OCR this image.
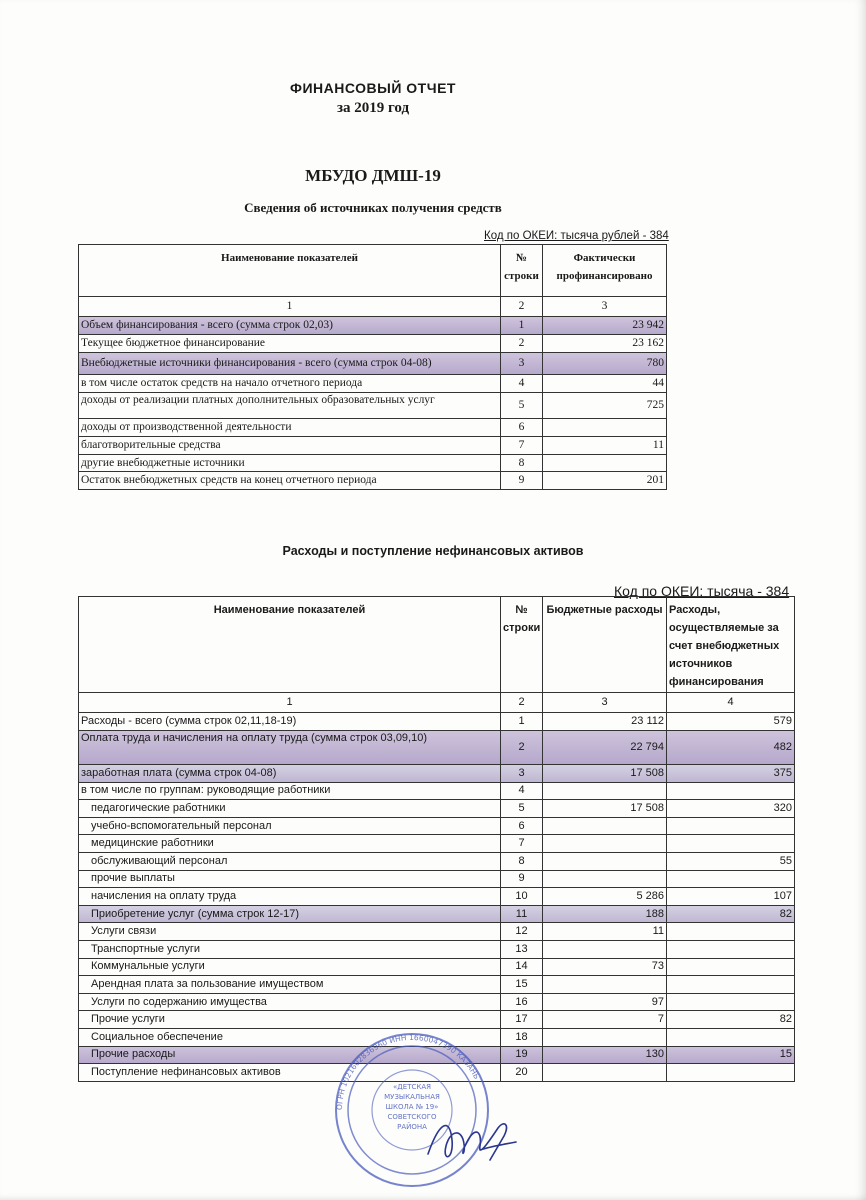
ФИНАНСОВЫЙ ОТЧЕТ
за 2019 год
МБУДО ДМШ-19
Сведения об источниках получения средств
Код по ОКЕИ: тысяча рублей - 384
Наименование показателей	№ строки	Фактически профинансировано
1	2	3
Объем финансирования - всего (сумма строк 02,03)	1	23 942
Текущее бюджетное финансирование	2	23 162
Внебюджетные источники финансирования - всего (сумма строк 04-08)	3	780
в том числе остаток средств на начало отчетного периода	4	44
доходы от реализации платных дополнительных образовательных услуг	5	725
доходы от производственной деятельности	6	
благотворительные средства	7	11
другие внебюджетные источники	8	
Остаток внебюджетных средств на конец отчетного периода	9	201
Расходы и поступление нефинансовых активов
Код по ОКЕИ: тысяча - 384
Наименование показателей	№ строки	Бюджетные расходы	Расходы, осуществляемые за счет внебюджетных источников финансирования
1	2	3	4
Расходы - всего (сумма строк 02,11,18-19)	1	23 112	579
Оплата труда и начисления на оплату труда (сумма строк 03,09,10)	2	22 794	482
заработная плата (сумма строк 04-08)	3	17 508	375
в том числе по группам: руководящие работники	4		
педагогические работники	5	17 508	320
учебно-вспомогательный персонал	6		
медицинские работники	7		
обслуживающий персонал	8		55
прочие выплаты	9		
начисления на оплату труда	10	5 286	107
Приобретение услуг (сумма строк 12-17)	11	188	82
Услуги связи	12	11	
Транспортные услуги	13		
Коммунальные услуги	14	73	
Арендная плата за пользование имуществом	15		
Услуги по содержанию имущества	16	97	
Прочие услуги	17	7	82
Социальное обеспечение	18		
Прочие расходы	19	130	15
Поступление нефинансовых активов	20		
ОГРН 1021602836960 ИНН 1660047390 КАЗАНЬ
«ДЕТСКАЯ МУЗЫКАЛЬНАЯ ШКОЛА № 19» СОВЕТСКОГО РАЙОНА
